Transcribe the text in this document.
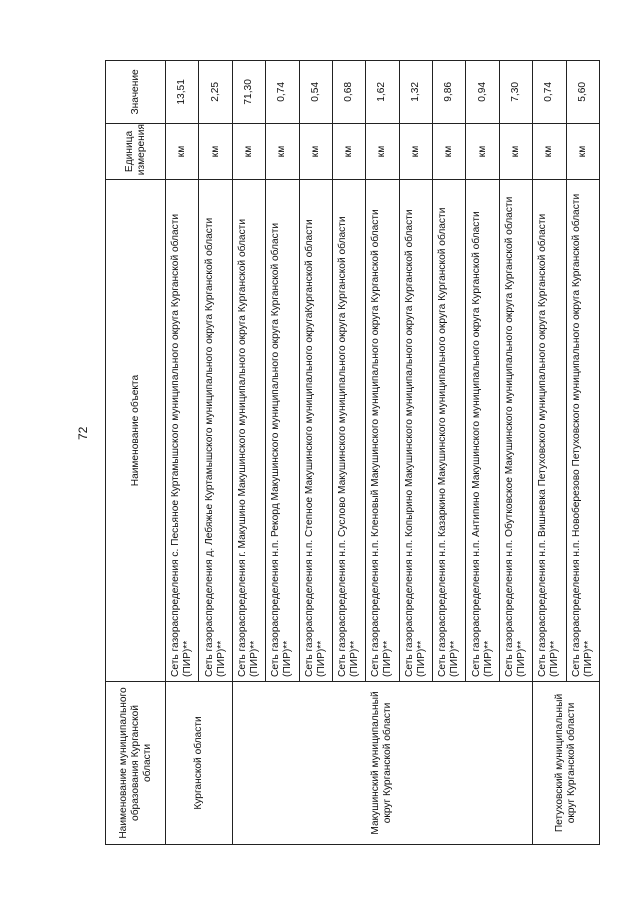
72
Наименование муниципального образования Курганской области	Наименование объекта	Единица измерения	Значение
Курганской области	Сеть газораспределения с. Песьяное Куртамышского муниципального округа Курганской области (ПИР)**	км	13,51
	Сеть газораспределения д. Лебяжье Куртамышского муниципального округа Курганской области (ПИР)**	км	2,25
Макушинский муниципальный округ Курганской области	Сеть газораспределения г. Макушино Макушинского муниципального округа Курганской области (ПИР)**	км	71,30
	Сеть газораспределения н.п. Рекорд Макушинского муниципального округа Курганской области (ПИР)**	км	0,74
	Сеть газораспределения н.п. Степное Макушинского муниципального округаКурганской области (ПИР)**	км	0,54
	Сеть газораспределения н.п. Суслово Макушинского муниципального округа Курганской области (ПИР)**	км	0,68
	Сеть газораспределения н.п. Кленовый Макушинского муниципального округа Курганской области (ПИР)**	км	1,62
	Сеть газораспределения н.п. Копырино Макушинского муниципального округа Курганской области (ПИР)**	км	1,32
	Сеть газораспределения н.п. Казаркино Макушинского муниципального округа Курганской области (ПИР)**	км	9,86
	Сеть газораспределения н.п. Антипино Макушинского муниципального округа Курганской области (ПИР)**	км	0,94
	Сеть газораспределения н.п. Обутковское Макушинского муниципального округа Курганской области (ПИР)**	км	7,30
Петуховский муниципальный округ Курганской области	Сеть газораспределения н.п. Вишневка Петуховского муниципального округа Курганской области (ПИР)**	км	0,74
	Сеть газораспределения н.п. Новоберезово Петуховского муниципального округа Курганской области (ПИР)**	км	5,60
